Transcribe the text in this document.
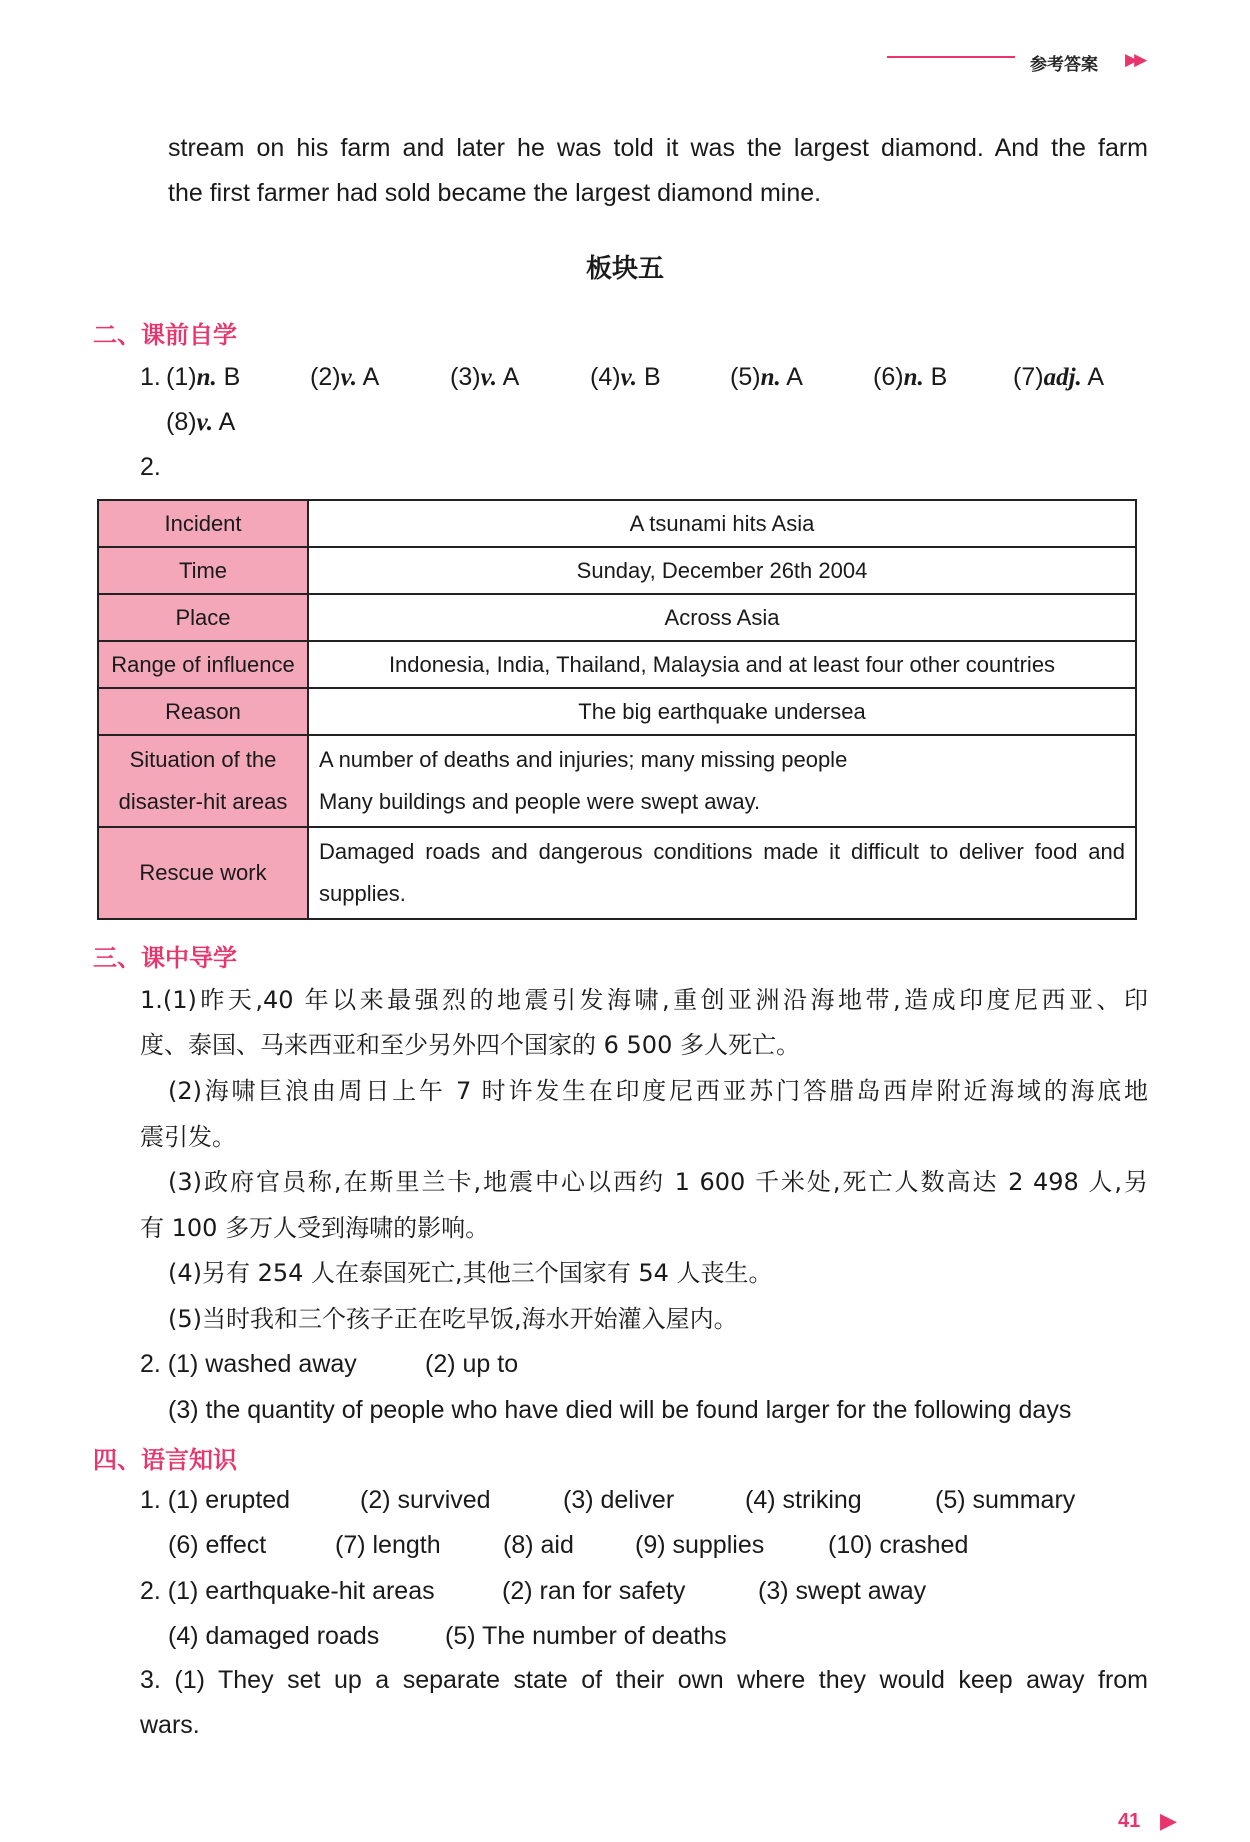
参考答案 ▶▶
stream on his farm and later he was told it was the largest diamond. And the farm
the first farmer had sold became the largest diamond mine.
板块五
二、课前自学
1. (1)n. B	(2)v. A	(3)v. A	(4)v. B	(5)n. A	(6)n. B	(7)adj. A
(8)v. A
2.
Incident	A tsunami hits Asia
Time	Sunday, December 26th 2004
Place	Across Asia
Range of influence	Indonesia, India, Thailand, Malaysia and at least four other countries
Reason	The big earthquake undersea
Situation of the
disaster-hit areas	A number of deaths and injuries; many missing people
Many buildings and people were swept away.
Rescue work	Damaged roads and dangerous conditions made it difficult to deliver food and
supplies.
三、课中导学
1.(1)昨天,40 年以来最强烈的地震引发海啸,重创亚洲沿海地带,造成印度尼西亚、印
度、泰国、马来西亚和至少另外四个国家的 6 500 多人死亡。
(2)海啸巨浪由周日上午 7 时许发生在印度尼西亚苏门答腊岛西岸附近海域的海底地
震引发。
(3)政府官员称,在斯里兰卡,地震中心以西约 1 600 千米处,死亡人数高达 2 498 人,另
有 100 多万人受到海啸的影响。
(4)另有 254 人在泰国死亡,其他三个国家有 54 人丧生。
(5)当时我和三个孩子正在吃早饭,海水开始灌入屋内。
2. (1) washed away	(2) up to
(3) the quantity of people who have died will be found larger for the following days
四、语言知识
1. (1) erupted	(2) survived	(3) deliver	(4) striking	(5) summary
(6) effect	(7) length (8) aid (9) supplies	(10) crashed
2. (1) earthquake-hit areas	(2) ran for safety	(3) swept away
(4) damaged roads	(5) The number of deaths
3. (1) They set up a separate state of their own where they would keep away from
wars.
41 ▶
